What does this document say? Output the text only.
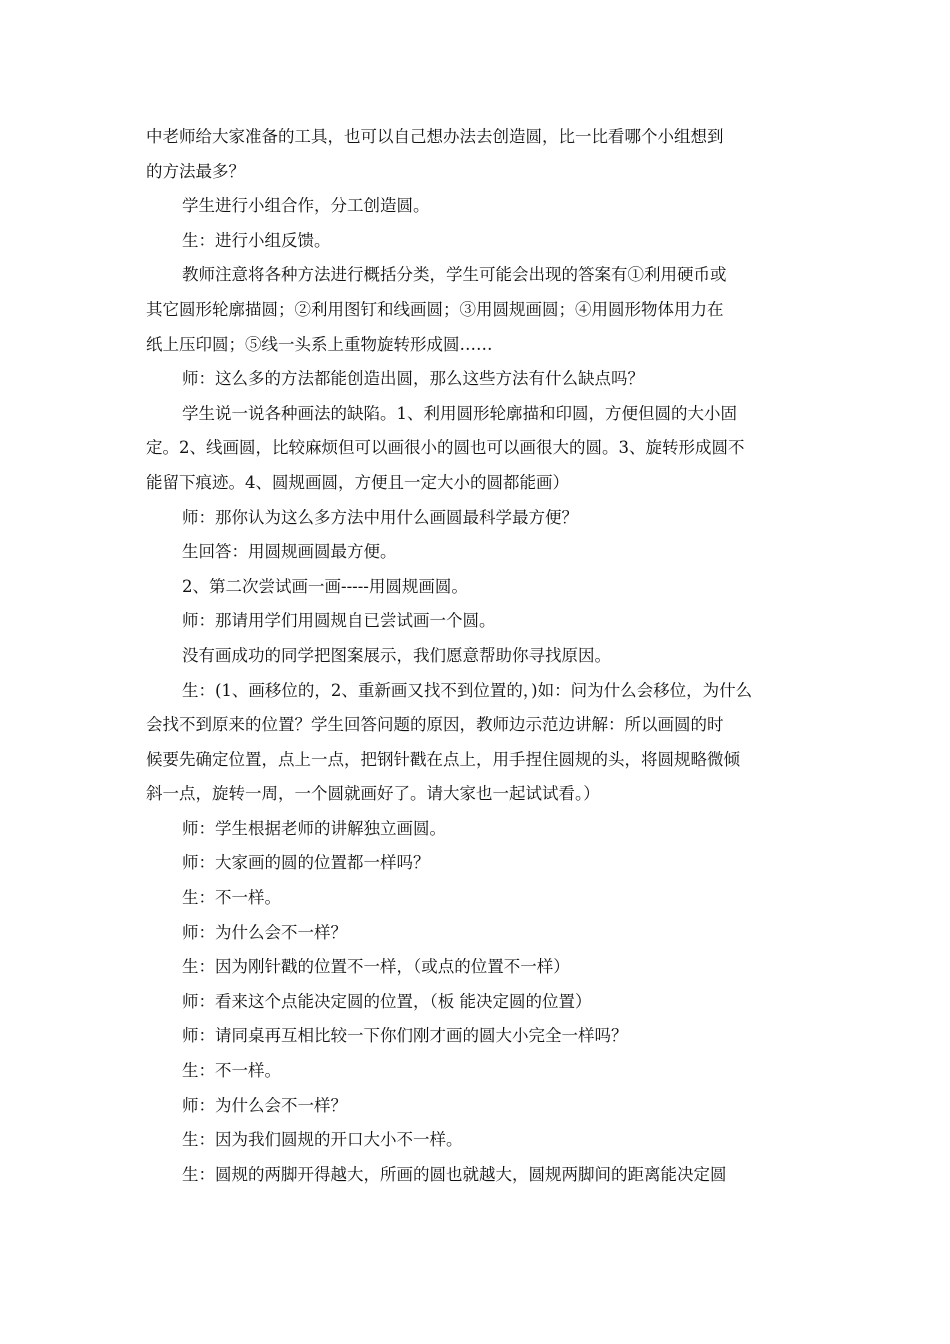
中老师给大家准备的工具，也可以自己想办法去创造圆，比一比看哪个小组想到
的方法最多？
学生进行小组合作，分工创造圆。
生：进行小组反馈。
教师注意将各种方法进行概括分类，学生可能会出现的答案有①利用硬币或
其它圆形轮廓描圆；②利用图钉和线画圆；③用圆规画圆；④用圆形物体用力在
纸上压印圆；⑤线一头系上重物旋转形成圆……
师：这么多的方法都能创造出圆，那么这些方法有什么缺点吗？
学生说一说各种画法的缺陷。1、利用圆形轮廓描和印圆，方便但圆的大小固
定。2、线画圆，比较麻烦但可以画很小的圆也可以画很大的圆。3、旋转形成圆不
能留下痕迹。4、圆规画圆，方便且一定大小的圆都能画）
师：那你认为这么多方法中用什么画圆最科学最方便？
生回答：用圆规画圆最方便。
2、第二次尝试画一画-----用圆规画圆。
师：那请用学们用圆规自已尝试画一个圆。
没有画成功的同学把图案展示，我们愿意帮助你寻找原因。
生：(1、画移位的，2、重新画又找不到位置的，)如：问为什么会移位，为什么
会找不到原来的位置？学生回答问题的原因，教师边示范边讲解：所以画圆的时
候要先确定位置，点上一点，把钢针戳在点上，用手捏住圆规的头，将圆规略微倾
斜一点，旋转一周，一个圆就画好了。请大家也一起试试看。）
师：学生根据老师的讲解独立画圆。
师：大家画的圆的位置都一样吗？
生：不一样。
师：为什么会不一样？
生：因为刚针戳的位置不一样，（或点的位置不一样）
师：看来这个点能决定圆的位置，（板 能决定圆的位置）
师：请同桌再互相比较一下你们刚才画的圆大小完全一样吗？
生：不一样。
师：为什么会不一样？
生：因为我们圆规的开口大小不一样。
生：圆规的两脚开得越大，所画的圆也就越大，圆规两脚间的距离能决定圆
